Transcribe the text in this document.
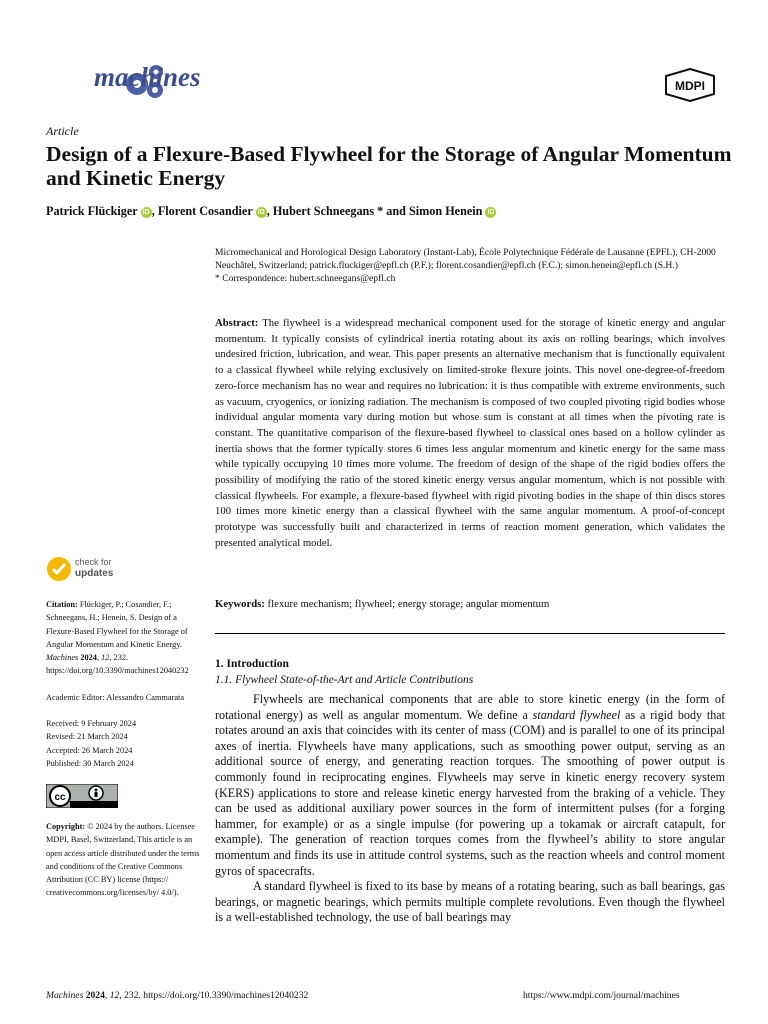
machines	MDPI
Article
Design of a Flexure-Based Flywheel for the Storage of Angular Momentum and Kinetic Energy
Patrick Flückiger iD , Florent Cosandier iD , Hubert Schneegans * and Simon Henein iD
Micromechanical and Horological Design Laboratory (Instant-Lab), École Polytechnique Fédérale de Lausanne (EPFL), CH-2000 Neuchâtel, Switzerland; patrick.fluckiger@epfl.ch (P.F.); florent.cosandier@epfl.ch (F.C.); simon.henein@epfl.ch (S.H.)
* Correspondence: hubert.schneegans@epfl.ch
Abstract: The flywheel is a widespread mechanical component used for the storage of kinetic energy and angular momentum. It typically consists of cylindrical inertia rotating about its axis on rolling bearings, which involves undesired friction, lubrication, and wear. This paper presents an alternative mechanism that is functionally equivalent to a classical flywheel while relying exclusively on limited-stroke flexure joints. This novel one-degree-of-freedom zero-force mechanism has no wear and requires no lubrication: it is thus compatible with extreme environments, such as vacuum, cryogenics, or ionizing radiation. The mechanism is composed of two coupled pivoting rigid bodies whose individual angular momenta vary during motion but whose sum is constant at all times when the pivoting rate is constant. The quantitative comparison of the flexure-based flywheel to classical ones based on a hollow cylinder as inertia shows that the former typically stores 6 times less angular momentum and kinetic energy for the same mass while typically occupying 10 times more volume. The freedom of design of the shape of the rigid bodies offers the possibility of modifying the ratio of the stored kinetic energy versus angular momentum, which is not possible with classical flywheels. For example, a flexure-based flywheel with rigid pivoting bodies in the shape of thin discs stores 100 times more kinetic energy than a classical flywheel with the same angular momentum. A proof-of-concept prototype was successfully built and characterized in terms of reaction moment generation, which validates the presented analytical model.
Keywords: flexure mechanism; flywheel; energy storage; angular momentum
1. Introduction
1.1. Flywheel State-of-the-Art and Article Contributions

Flywheels are mechanical components that are able to store kinetic energy (in the form of rotational energy) as well as angular momentum. We define a standard flywheel as a rigid body that rotates around an axis that coincides with its center of mass (COM) and is parallel to one of its principal axes of inertia. Flywheels have many applications, such as smoothing power output, serving as an additional source of energy, and generating reaction torques. The smoothing of power output is commonly found in reciprocating engines. Flywheels may serve in kinetic energy recovery system (KERS) applications to store and release kinetic energy harvested from the braking of a vehicle. They can be used as additional auxiliary power sources in the form of intermittent pulses (for a forging hammer, for example) or as a single impulse (for powering up a tokamak or aircraft catapult, for example). The generation of reaction torques comes from the flywheel’s ability to store angular momentum and finds its use in attitude control systems, such as the reaction wheels and control moment gyros of spacecrafts.

A standard flywheel is fixed to its base by means of a rotating bearing, such as ball bearings, gas bearings, or magnetic bearings, which permits multiple complete revolutions. Even though the flywheel is a well-established technology, the use of ball bearings may

check for
updates
Citation: Flückiger, P.; Cosandier, F.; Schneegans, H.; Henein, S. Design of a Flexure-Based Flywheel for the Storage of Angular Momentum and Kinetic Energy. Machines 2024, 12, 232. https://doi.org/10.3390/machines12040232
Academic Editor: Alessandro Cammarata
Received: 9 February 2024
Revised: 21 March 2024
Accepted: 26 March 2024
Published: 30 March 2024
cc
Copyright: © 2024 by the authors. Licensee MDPI, Basel, Switzerland. This article is an open access article distributed under the terms and conditions of the Creative Commons Attribution (CC BY) license (https:// creativecommons.org/licenses/by/ 4.0/).
Machines 2024, 12, 232. https://doi.org/10.3390/machines12040232	https://www.mdpi.com/journal/machines
